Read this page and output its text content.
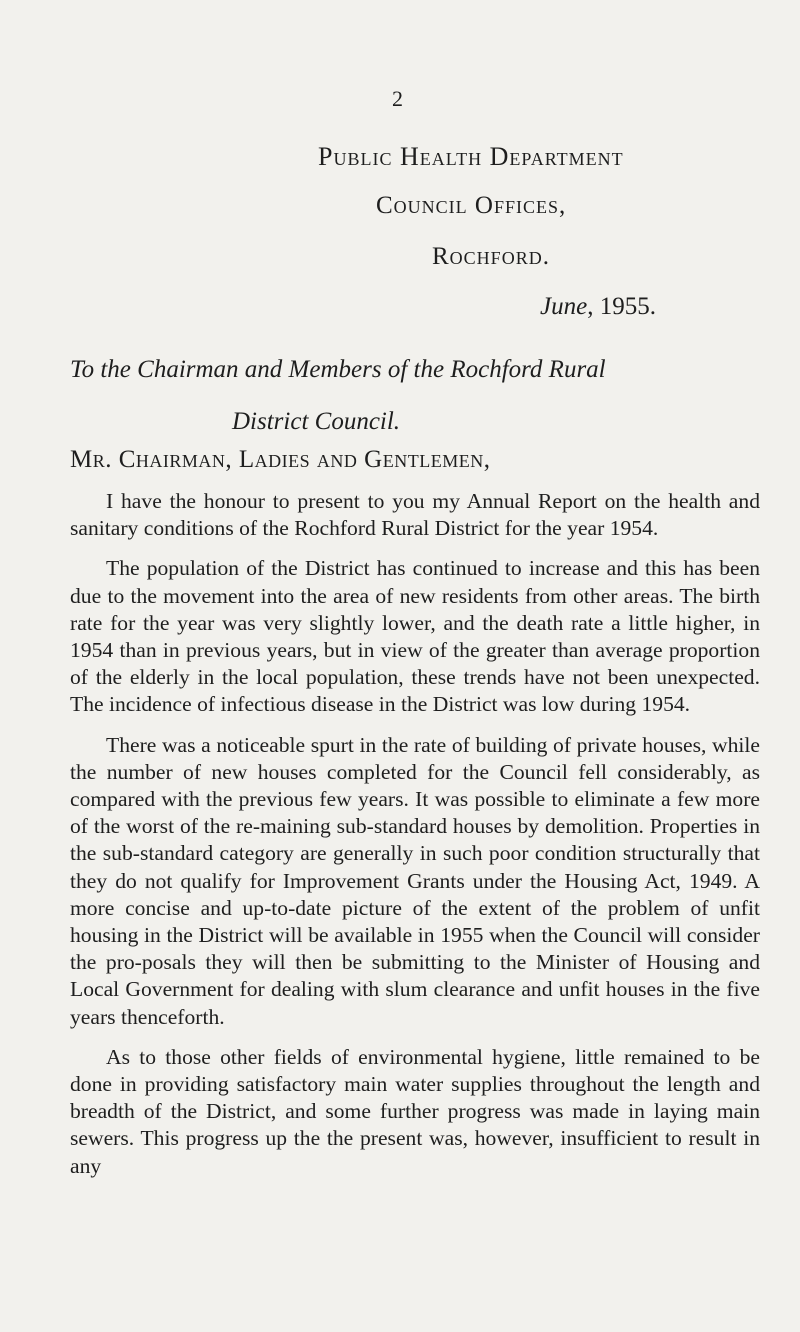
2
Public Health Department
Council Offices,
Rochford.
June, 1955.
To the Chairman and Members of the Rochford Rural
District Council.
Mr. Chairman, Ladies and Gentlemen,

I have the honour to present to you my Annual Report on the health and sanitary conditions of the Rochford Rural District for the year 1954.

The population of the District has continued to increase and this has been due to the movement into the area of new residents from other areas. The birth rate for the year was very slightly lower, and the death rate a little higher, in 1954 than in previous years, but in view of the greater than average proportion of the elderly in the local population, these trends have not been unexpected. The incidence of infectious disease in the District was low during 1954.

There was a noticeable spurt in the rate of building of private houses, while the number of new houses completed for the Council fell considerably, as compared with the previous few years. It was possible to eliminate a few more of the worst of the re-maining sub-standard houses by demolition. Properties in the sub-standard category are generally in such poor condition structurally that they do not qualify for Improvement Grants under the Housing Act, 1949. A more concise and up-to-date picture of the extent of the problem of unfit housing in the District will be available in 1955 when the Council will consider the pro-posals they will then be submitting to the Minister of Housing and Local Government for dealing with slum clearance and unfit houses in the five years thenceforth.

As to those other fields of environmental hygiene, little remained to be done in providing satisfactory main water supplies throughout the length and breadth of the District, and some further progress was made in laying main sewers. This progress up the the present was, however, insufficient to result in any
